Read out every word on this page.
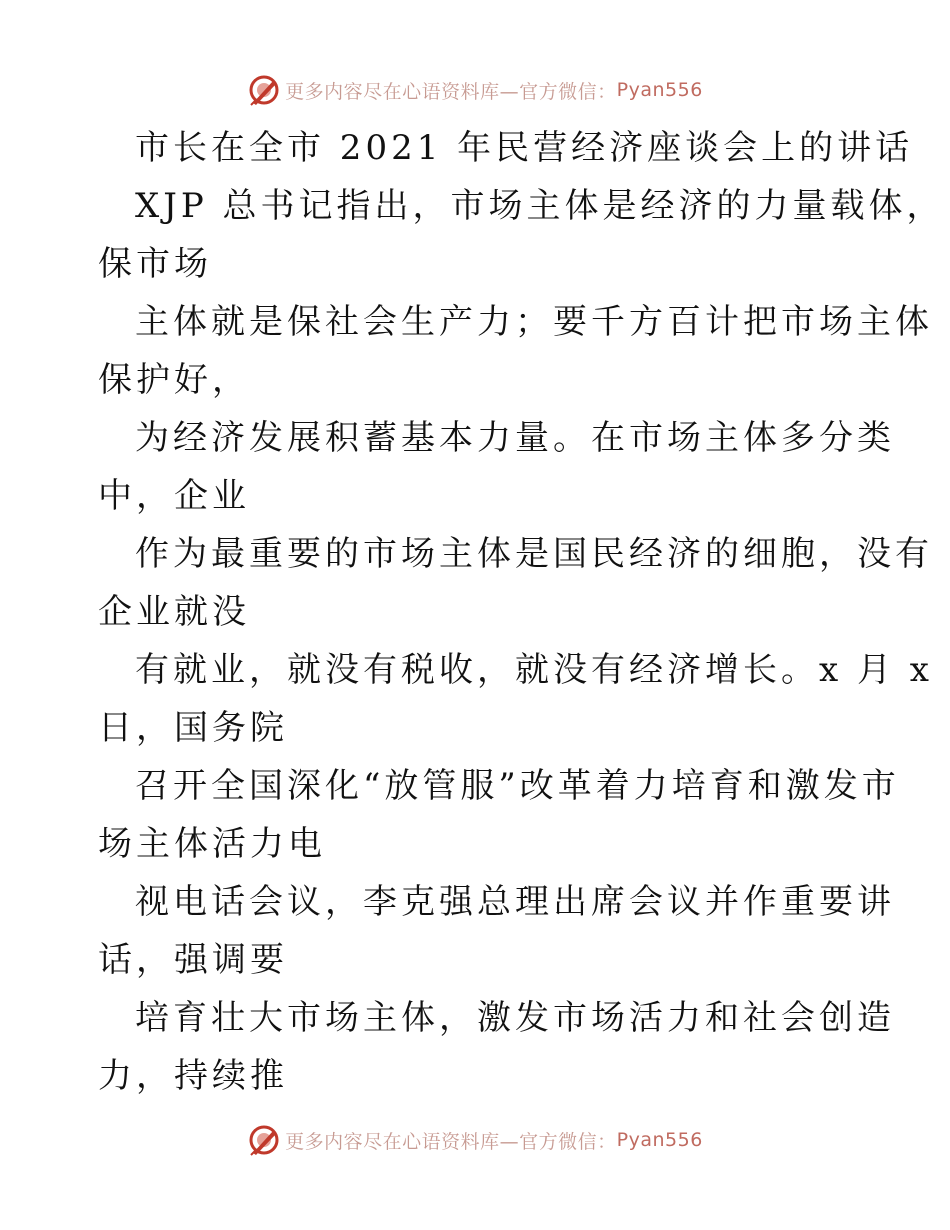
更多内容尽在心语资料库—官方微信： Pyan556
市长在全市 2021 年民营经济座谈会上的讲话
XJP 总书记指出，市场主体是经济的力量载体，
保市场
主体就是保社会生产力；要千方百计把市场主体
保护好，
为经济发展积蓄基本力量。在市场主体多分类
中，企业
作为最重要的市场主体是国民经济的细胞，没有
企业就没
有就业，就没有税收，就没有经济增长。x 月 x
日，国务院
召开全国深化“放管服”改革着力培育和激发市
场主体活力电
视电话会议，李克强总理出席会议并作重要讲
话，强调要
培育壮大市场主体，激发市场活力和社会创造
力，持续推
更多内容尽在心语资料库—官方微信： Pyan556
